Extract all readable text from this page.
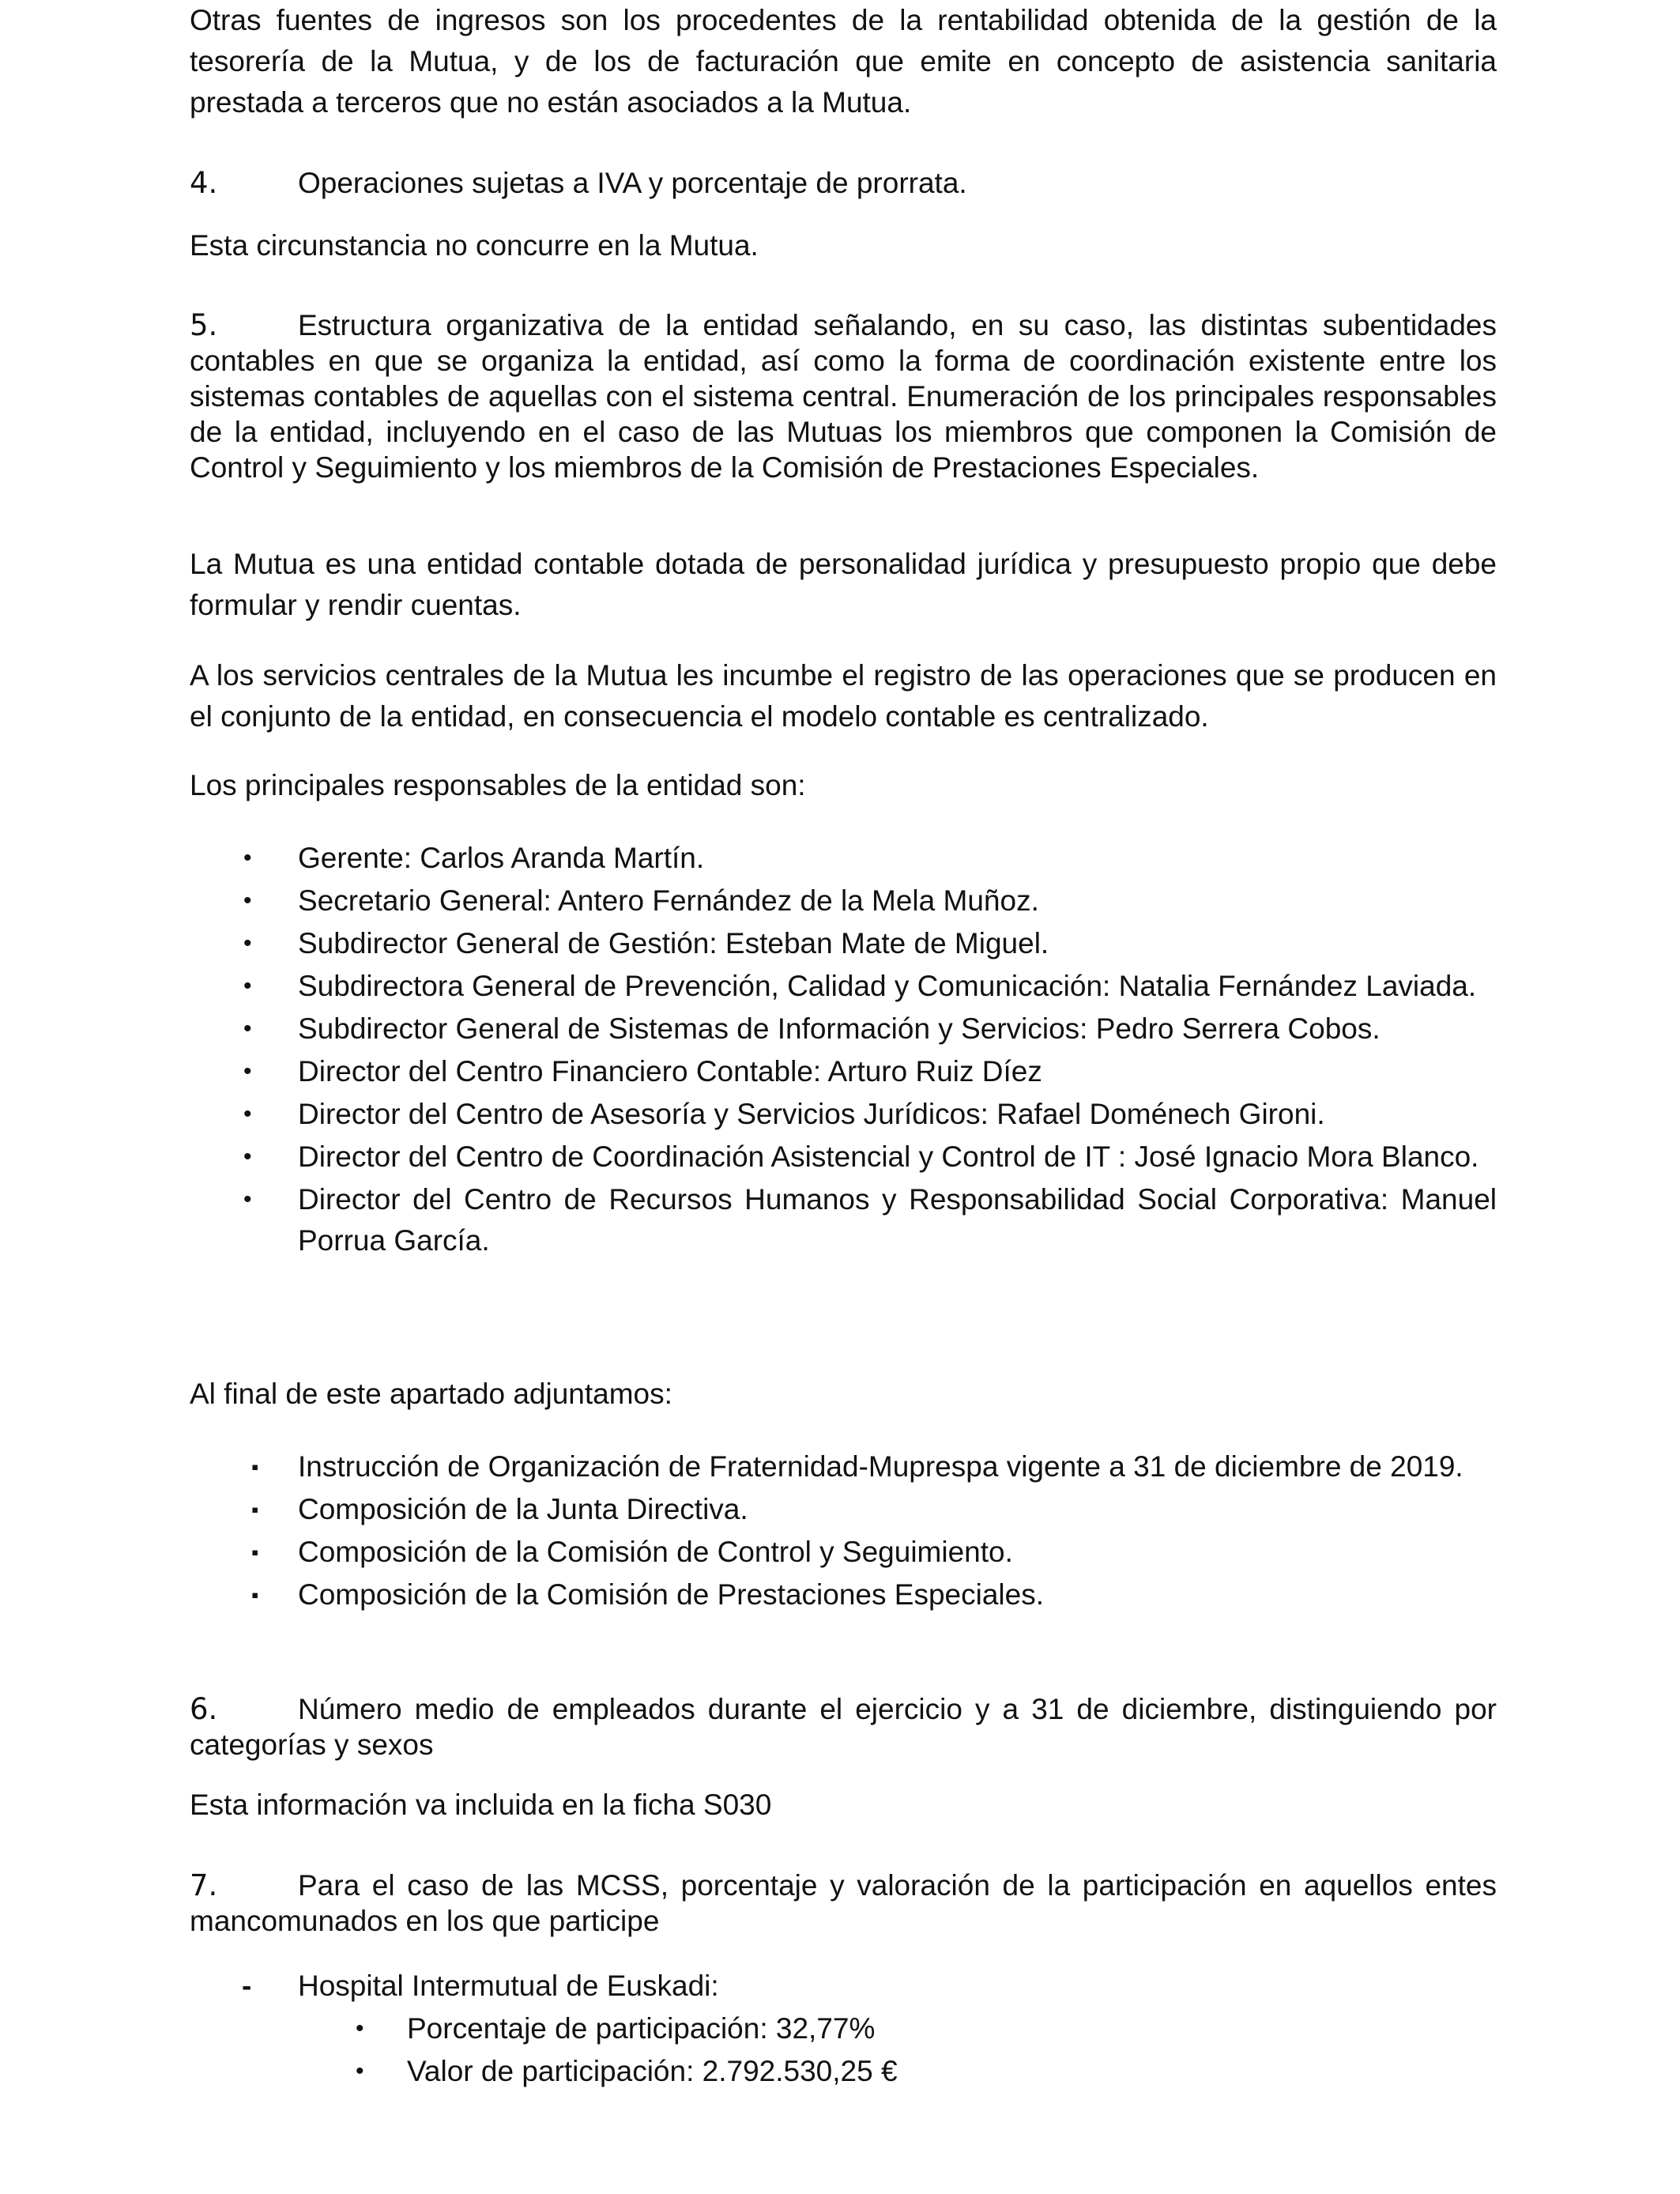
Otras fuentes de ingresos son los procedentes de la rentabilidad obtenida de la gestión de la tesorería de la Mutua, y de los de facturación que emite en concepto de asistencia sanitaria prestada a terceros que no están asociados a la Mutua.

4.	Operaciones sujetas a IVA y porcentaje de prorrata.

Esta circunstancia no concurre en la Mutua.

5.	Estructura organizativa de la entidad señalando, en su caso, las distintas subentidades contables en que se organiza la entidad, así como la forma de coordinación existente entre los sistemas contables de aquellas con el sistema central. Enumeración de los principales responsables de la entidad, incluyendo en el caso de las Mutuas los miembros que componen la Comisión de Control y Seguimiento y los miembros de la Comisión de Prestaciones Especiales.

La Mutua es una entidad contable dotada de personalidad jurídica y presupuesto propio que debe formular y rendir cuentas.

A los servicios centrales de la Mutua les incumbe el registro de las operaciones que se producen en el conjunto de la entidad, en consecuencia el modelo contable es centralizado.

Los principales responsables de la entidad son:

• Gerente: Carlos Aranda Martín.
• Secretario General: Antero Fernández de la Mela Muñoz.
• Subdirector General de Gestión: Esteban Mate de Miguel.
• Subdirectora General de Prevención, Calidad y Comunicación: Natalia Fernández Laviada.
• Subdirector General de Sistemas de Información y Servicios: Pedro Serrera Cobos.
• Director del Centro Financiero Contable: Arturo Ruiz Díez
• Director del Centro de Asesoría y Servicios Jurídicos: Rafael Doménech Gironi.
• Director del Centro de Coordinación Asistencial y Control de IT : José Ignacio Mora Blanco.
• Director del Centro de Recursos Humanos y Responsabilidad Social Corporativa: Manuel Porrua García.

Al final de este apartado adjuntamos:

▪ Instrucción de Organización de Fraternidad-Muprespa vigente a 31 de diciembre de 2019.
▪ Composición de la Junta Directiva.
▪ Composición de la Comisión de Control y Seguimiento.
▪ Composición de la Comisión de Prestaciones Especiales.

6.	Número medio de empleados durante el ejercicio y a 31 de diciembre, distinguiendo por categorías y sexos

Esta información va incluida en la ficha S030

7.	Para el caso de las MCSS, porcentaje y valoración de la participación en aquellos entes mancomunados en los que participe

‐ Hospital Intermutual de Euskadi:
• Porcentaje de participación: 32,77%
• Valor de participación: 2.792.530,25 €
